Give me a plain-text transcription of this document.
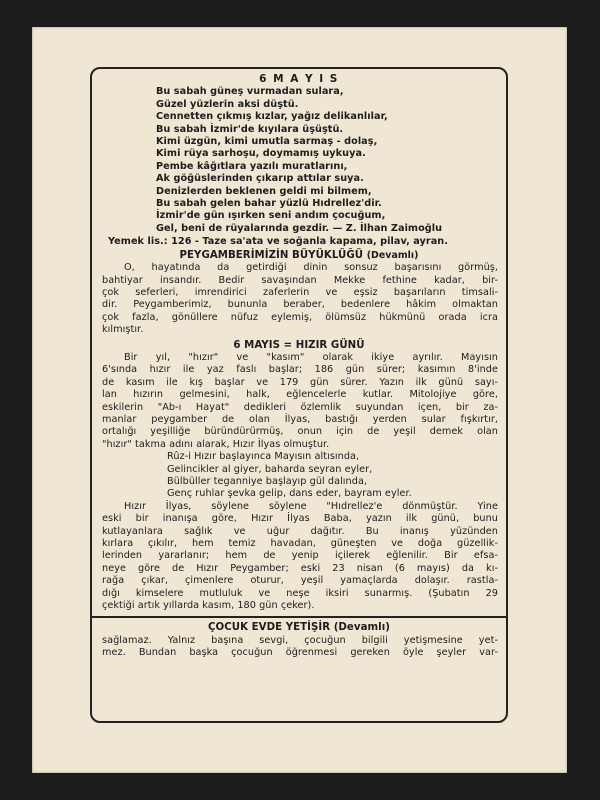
6 M A Y I S
Bu sabah güneş vurmadan sulara,
Güzel yüzlerin aksi düştü.
Cennetten çıkmış kızlar, yağız delikanlılar,
Bu sabah İzmir'de kıyılara üşüştü.
Kimi üzgün, kimi umutla sarmaş - dolaş,
Kimi rüya sarhoşu, doymamış uykuya.
Pembe kâğıtlara yazılı muratlarını,
Ak göğüslerinden çıkarıp attılar suya.
Denizlerden beklenen geldi mi bilmem,
Bu sabah gelen bahar yüzlü Hıdrellez'dir.
İzmir'de gün ışırken seni andım çocuğum,
Gel, beni de rüyalarında gezdir. — Z. İlhan Zaimoğlu
Yemek lis.: 126 - Taze sa'ata ve soğanla kapama, pilav, ayran.
PEYGAMBERİMİZİN BÜYÜKLÜĞÜ (Devamlı)
O, hayatında da getirdiği dinin sonsuz başarısını görmüş,
bahtiyar insandır. Bedir savaşından Mekke fethine kadar, bir-
çok seferleri, imrendirici zaferlerin ve eşsiz başarıların timsali-
dir. Peygamberimiz, bununla beraber, bedenlere hâkim olmaktan
çok fazla, gönüllere nüfuz eylemiş, ölümsüz hükmünü orada icra
kılmıştır.
6 MAYIS = HIZIR GÜNÜ
Bir yıl, "hızır" ve "kasım" olarak ikiye ayrılır. Mayısın
6'sında hızır ile yaz faslı başlar; 186 gün sürer; kasımın 8'inde
de kasım ile kış başlar ve 179 gün sürer. Yazın ilk günü sayı-
lan hızırın gelmesini, halk, eğlencelerle kutlar. Mitolojiye göre,
eskilerin "Ab-ı Hayat" dedikleri özlemlik suyundan içen, bir za-
manlar peygamber de olan İlyas, bastığı yerden sular fışkırtır,
ortalığı yeşilliğe büründürürmüş, onun için de yeşil demek olan
"hızır" takma adını alarak, Hızır İlyas olmuştur.
Rûz-i Hızır başlayınca Mayısın altısında,
Gelincikler al giyer, baharda seyran eyler,
Bülbüller teganniye başlayıp gül dalında,
Genç ruhlar şevka gelip, dans eder, bayram eyler.
Hızır İlyas, söylene söylene "Hıdrellez'e dönmüştür. Yine
eski bir inanışa göre, Hızır İlyas Baba, yazın ilk günü, bunu
kutlayanlara sağlık ve uğur dağıtır. Bu inanış yüzünden
kırlara çıkılır, hem temiz havadan, güneşten ve doğa güzellik-
lerinden yararlanır; hem de yenip içilerek eğlenilir. Bir efsa-
neye göre de Hızır Peygamber; eski 23 nisan (6 mayıs) da kı-
rağa çıkar, çimenlere oturur, yeşil yamaçlarda dolaşır. rastla-
dığı kimselere mutluluk ve neşe iksiri sunarmış. (Şubatın 29
çektiği artık yıllarda kasım, 180 gün çeker).
ÇOCUK EVDE YETİŞİR (Devamlı)
sağlamaz. Yalnız başına sevgi, çocuğun bilgili yetişmesine yet-
mez. Bundan başka çocuğun öğrenmesi gereken öyle şeyler var-
